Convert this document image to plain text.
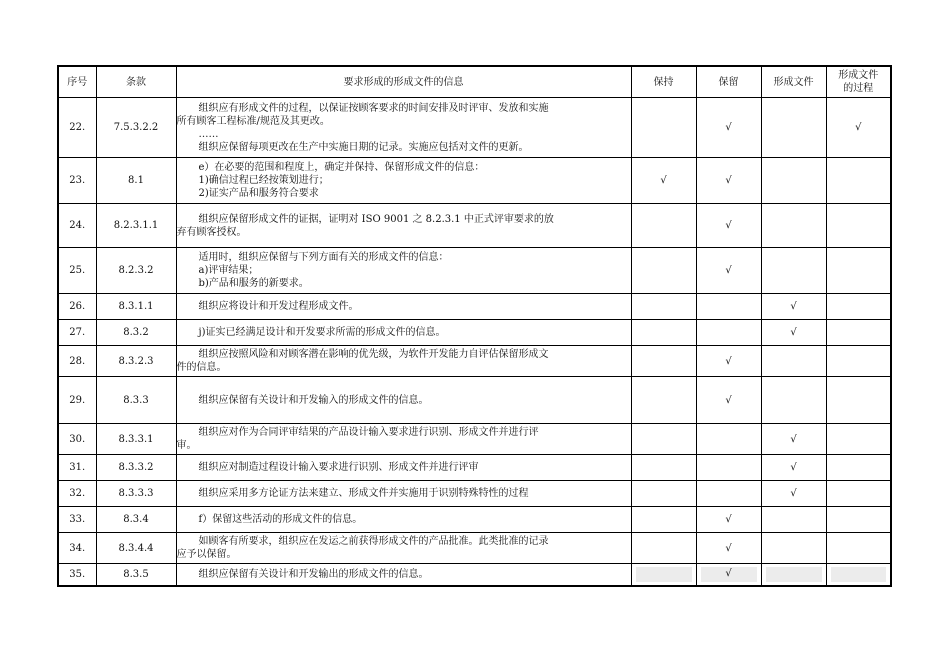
序号	条款	要求形成的形成文件的信息	保持	保留	形成文件	形成文件
的过程

22.	7.5.3.2.2	组织应有形成文件的过程，以保证按顾客要求的时间安排及时评审、发放和实施
所有顾客工程标准/规范及其更改。
……
组织应保留每项更改在生产中实施日期的记录。实施应包括对文件的更新。		√		√
23.	8.1	e）在必要的范围和程度上，确定并保持、保留形成文件的信息：
1)确信过程已经按策划进行；
2)证实产品和服务符合要求	√	√		
24.	8.2.3.1.1	组织应保留形成文件的证据，证明对 ISO 9001 之 8.2.3.1 中正式评审要求的放
弃有顾客授权。		√		
25.	8.2.3.2	适用时，组织应保留与下列方面有关的形成文件的信息：
a)评审结果；
b)产品和服务的新要求。		√		
26.	8.3.1.1	组织应将设计和开发过程形成文件。			√	
27.	8.3.2	j)证实已经满足设计和开发要求所需的形成文件的信息。			√	
28.	8.3.2.3	组织应按照风险和对顾客潜在影响的优先级，为软件开发能力自评估保留形成文
件的信息。		√		
29.	8.3.3	组织应保留有关设计和开发输入的形成文件的信息。		√		
30.	8.3.3.1	组织应对作为合同评审结果的产品设计输入要求进行识别、形成文件并进行评
审。			√	
31.	8.3.3.2	组织应对制造过程设计输入要求进行识别、形成文件并进行评审			√	
32.	8.3.3.3	组织应采用多方论证方法来建立、形成文件并实施用于识别特殊特性的过程			√	
33.	8.3.4	f）保留这些活动的形成文件的信息。		√		
34.	8.3.4.4	如顾客有所要求，组织应在发运之前获得形成文件的产品批准。此类批准的记录
应予以保留。		√		
35.	8.3.5	组织应保留有关设计和开发输出的形成文件的信息。		√		
